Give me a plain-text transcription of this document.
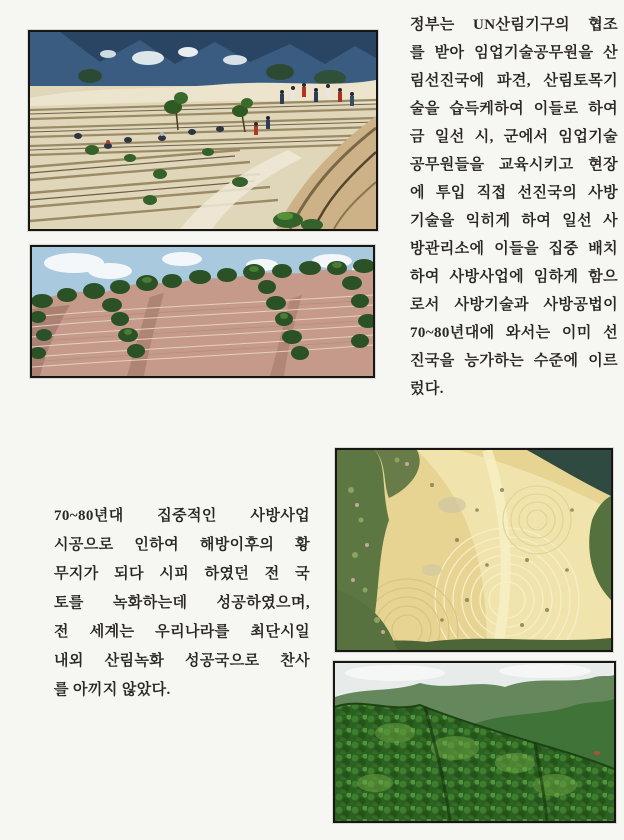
정부는 UN산림기구의 협조
를 받아 임업기술공무원을 산
림선진국에 파견, 산림토목기
술을 습득케하여 이들로 하여
금 일선 시, 군에서 임업기술
공무원들을 교육시키고 현장
에 투입 직접 선진국의 사방
기술을 익히게 하여 일선 사
방관리소에 이들을 집중 배치
하여 사방사업에 임하게 함으
로서 사방기술과 사방공법이
70~80년대에 와서는 이미 선
진국을 능가하는 수준에 이르
렀다.
70~80년대 집중적인 사방사업
시공으로 인하여 해방이후의 황
무지가 되다 시피 하였던 전 국
토를 녹화하는데 성공하였으며,
전 세계는 우리나라를 최단시일
내외 산림녹화 성공국으로 찬사
를 아끼지 않았다.
